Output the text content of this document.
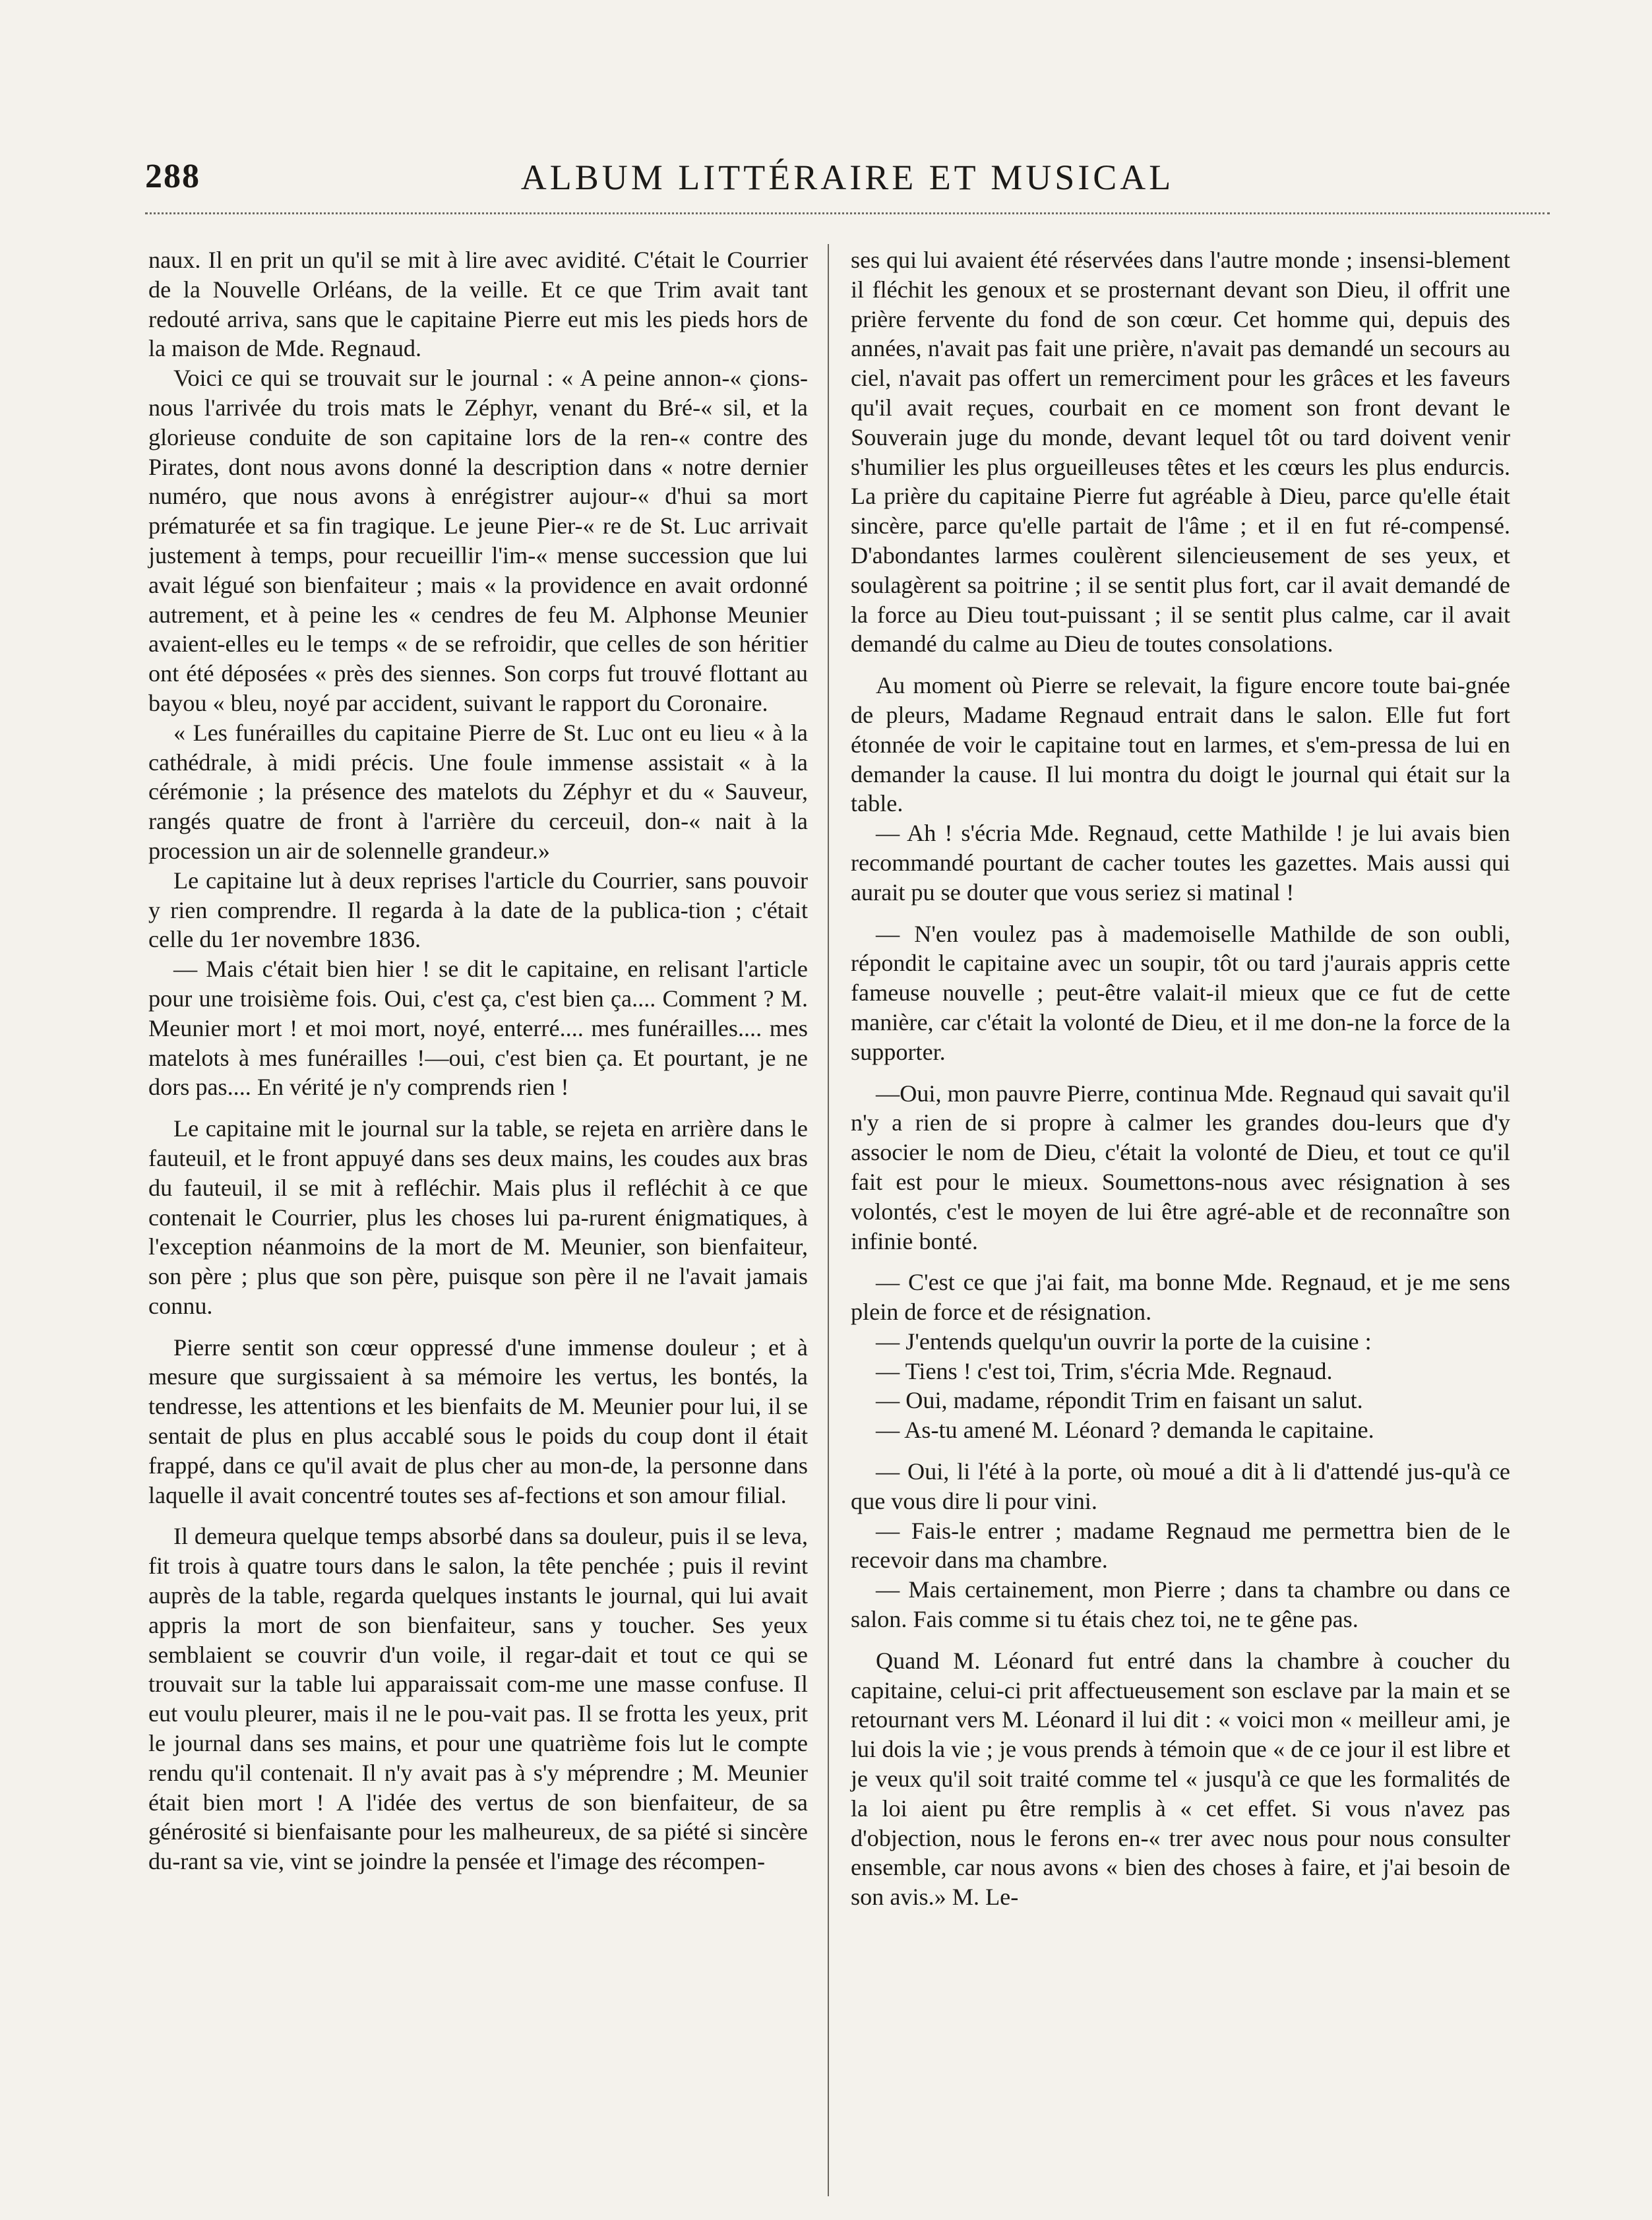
288	ALBUM LITTÉRAIRE ET MUSICAL

naux. Il en prit un qu'il se mit à lire avec avidité. C'était le Courrier de la Nouvelle Orléans, de la veille. Et ce que Trim avait tant redouté arriva, sans que le capitaine Pierre eut mis les pieds hors de la maison de Mde. Regnaud.

Voici ce qui se trouvait sur le journal : « A peine annon-« çions-nous l'arrivée du trois mats le Zéphyr, venant du Bré-« sil, et la glorieuse conduite de son capitaine lors de la ren-« contre des Pirates, dont nous avons donné la description dans « notre dernier numéro, que nous avons à enrégistrer aujour-« d'hui sa mort prématurée et sa fin tragique. Le jeune Pier-« re de St. Luc arrivait justement à temps, pour recueillir l'im-« mense succession que lui avait légué son bienfaiteur ; mais « la providence en avait ordonné autrement, et à peine les « cendres de feu M. Alphonse Meunier avaient-elles eu le temps « de se refroidir, que celles de son héritier ont été déposées « près des siennes. Son corps fut trouvé flottant au bayou « bleu, noyé par accident, suivant le rapport du Coronaire.

« Les funérailles du capitaine Pierre de St. Luc ont eu lieu « à la cathédrale, à midi précis. Une foule immense assistait « à la cérémonie ; la présence des matelots du Zéphyr et du « Sauveur, rangés quatre de front à l'arrière du cerceuil, don-« nait à la procession un air de solennelle grandeur.»

Le capitaine lut à deux reprises l'article du Courrier, sans pouvoir y rien comprendre. Il regarda à la date de la publica-tion ; c'était celle du 1er novembre 1836.

— Mais c'était bien hier ! se dit le capitaine, en relisant l'article pour une troisième fois. Oui, c'est ça, c'est bien ça.... Comment ? M. Meunier mort ! et moi mort, noyé, enterré.... mes funérailles.... mes matelots à mes funérailles !—oui, c'est bien ça. Et pourtant, je ne dors pas.... En vérité je n'y comprends rien !

Le capitaine mit le journal sur la table, se rejeta en arrière dans le fauteuil, et le front appuyé dans ses deux mains, les coudes aux bras du fauteuil, il se mit à refléchir. Mais plus il refléchit à ce que contenait le Courrier, plus les choses lui pa-rurent énigmatiques, à l'exception néanmoins de la mort de M. Meunier, son bienfaiteur, son père ; plus que son père, puisque son père il ne l'avait jamais connu.

Pierre sentit son cœur oppressé d'une immense douleur ; et à mesure que surgissaient à sa mémoire les vertus, les bontés, la tendresse, les attentions et les bienfaits de M. Meunier pour lui, il se sentait de plus en plus accablé sous le poids du coup dont il était frappé, dans ce qu'il avait de plus cher au mon-de, la personne dans laquelle il avait concentré toutes ses af-fections et son amour filial.

Il demeura quelque temps absorbé dans sa douleur, puis il se leva, fit trois à quatre tours dans le salon, la tête penchée ; puis il revint auprès de la table, regarda quelques instants le journal, qui lui avait appris la mort de son bienfaiteur, sans y toucher. Ses yeux semblaient se couvrir d'un voile, il regar-dait et tout ce qui se trouvait sur la table lui apparaissait com-me une masse confuse. Il eut voulu pleurer, mais il ne le pou-vait pas. Il se frotta les yeux, prit le journal dans ses mains, et pour une quatrième fois lut le compte rendu qu'il contenait. Il n'y avait pas à s'y méprendre ; M. Meunier était bien mort ! A l'idée des vertus de son bienfaiteur, de sa générosité si bienfaisante pour les malheureux, de sa piété si sincère du-rant sa vie, vint se joindre la pensée et l'image des récompen-

ses qui lui avaient été réservées dans l'autre monde ; insensi-blement il fléchit les genoux et se prosternant devant son Dieu, il offrit une prière fervente du fond de son cœur. Cet homme qui, depuis des années, n'avait pas fait une prière, n'avait pas demandé un secours au ciel, n'avait pas offert un remerciment pour les grâces et les faveurs qu'il avait reçues, courbait en ce moment son front devant le Souverain juge du monde, devant lequel tôt ou tard doivent venir s'humilier les plus orgueilleuses têtes et les cœurs les plus endurcis. La prière du capitaine Pierre fut agréable à Dieu, parce qu'elle était sincère, parce qu'elle partait de l'âme ; et il en fut ré-compensé. D'abondantes larmes coulèrent silencieusement de ses yeux, et soulagèrent sa poitrine ; il se sentit plus fort, car il avait demandé de la force au Dieu tout-puissant ; il se sentit plus calme, car il avait demandé du calme au Dieu de toutes consolations.

Au moment où Pierre se relevait, la figure encore toute bai-gnée de pleurs, Madame Regnaud entrait dans le salon. Elle fut fort étonnée de voir le capitaine tout en larmes, et s'em-pressa de lui en demander la cause. Il lui montra du doigt le journal qui était sur la table.

— Ah ! s'écria Mde. Regnaud, cette Mathilde ! je lui avais bien recommandé pourtant de cacher toutes les gazettes. Mais aussi qui aurait pu se douter que vous seriez si matinal !

— N'en voulez pas à mademoiselle Mathilde de son oubli, répondit le capitaine avec un soupir, tôt ou tard j'aurais appris cette fameuse nouvelle ; peut-être valait-il mieux que ce fut de cette manière, car c'était la volonté de Dieu, et il me don-ne la force de la supporter.

—Oui, mon pauvre Pierre, continua Mde. Regnaud qui savait qu'il n'y a rien de si propre à calmer les grandes dou-leurs que d'y associer le nom de Dieu, c'était la volonté de Dieu, et tout ce qu'il fait est pour le mieux. Soumettons-nous avec résignation à ses volontés, c'est le moyen de lui être agré-able et de reconnaître son infinie bonté.

— C'est ce que j'ai fait, ma bonne Mde. Regnaud, et je me sens plein de force et de résignation.

— J'entends quelqu'un ouvrir la porte de la cuisine :

— Tiens ! c'est toi, Trim, s'écria Mde. Regnaud.

— Oui, madame, répondit Trim en faisant un salut.

— As-tu amené M. Léonard ? demanda le capitaine.

— Oui, li l'été à la porte, où moué a dit à li d'attendé jus-qu'à ce que vous dire li pour vini.

— Fais-le entrer ; madame Regnaud me permettra bien de le recevoir dans ma chambre.

— Mais certainement, mon Pierre ; dans ta chambre ou dans ce salon. Fais comme si tu étais chez toi, ne te gêne pas.

Quand M. Léonard fut entré dans la chambre à coucher du capitaine, celui-ci prit affectueusement son esclave par la main et se retournant vers M. Léonard il lui dit : « voici mon « meilleur ami, je lui dois la vie ; je vous prends à témoin que « de ce jour il est libre et je veux qu'il soit traité comme tel « jusqu'à ce que les formalités de la loi aient pu être remplis à « cet effet. Si vous n'avez pas d'objection, nous le ferons en-« trer avec nous pour nous consulter ensemble, car nous avons « bien des choses à faire, et j'ai besoin de son avis.» M. Le-
